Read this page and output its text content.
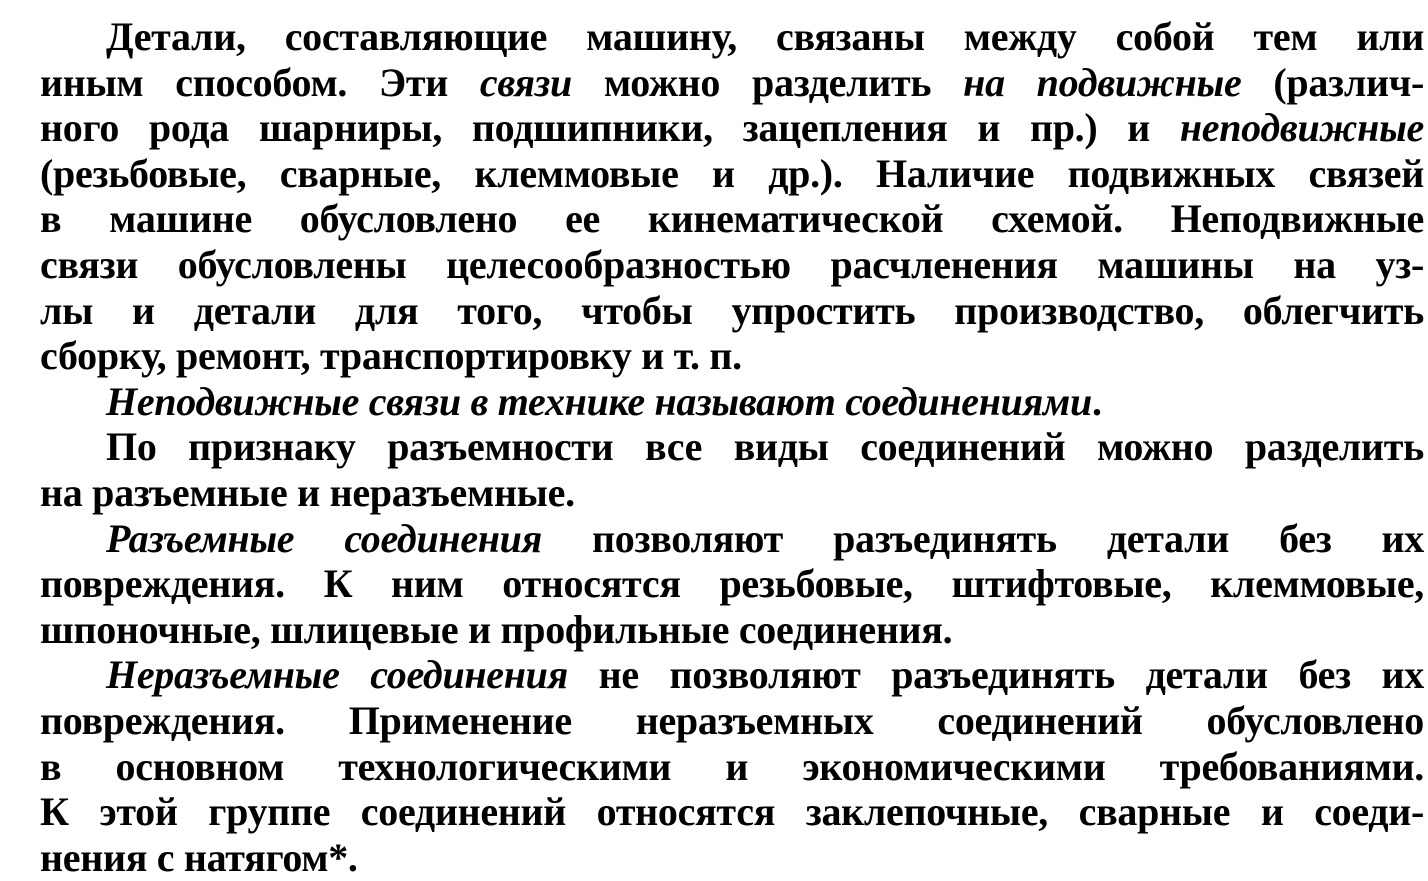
Детали, составляющие машину, связаны между собой тем или
иным способом. Эти связи можно разделить на подвижные (различ-
ного рода шарниры, подшипники, зацепления и пр.) и неподвижные
(резьбовые, сварные, клеммовые и др.). Наличие подвижных связей
в машине обусловлено ее кинематической схемой. Неподвижные
связи обусловлены целесообразностью расчленения машины на уз-
лы и детали для того, чтобы упростить производство, облегчить
сборку, ремонт, транспортировку и т. п.
Неподвижные связи в технике называют соединениями.
По признаку разъемности все виды соединений можно разделить
на разъемные и неразъемные.
Разъемные соединения позволяют разъединять детали без их
повреждения. К ним относятся резьбовые, штифтовые, клеммовые,
шпоночные, шлицевые и профильные соединения.
Неразъемные соединения не позволяют разъединять детали без их
повреждения. Применение неразъемных соединений обусловлено
в основном технологическими и экономическими требованиями.
К этой группе соединений относятся заклепочные, сварные и соеди-
нения с натягом*.
